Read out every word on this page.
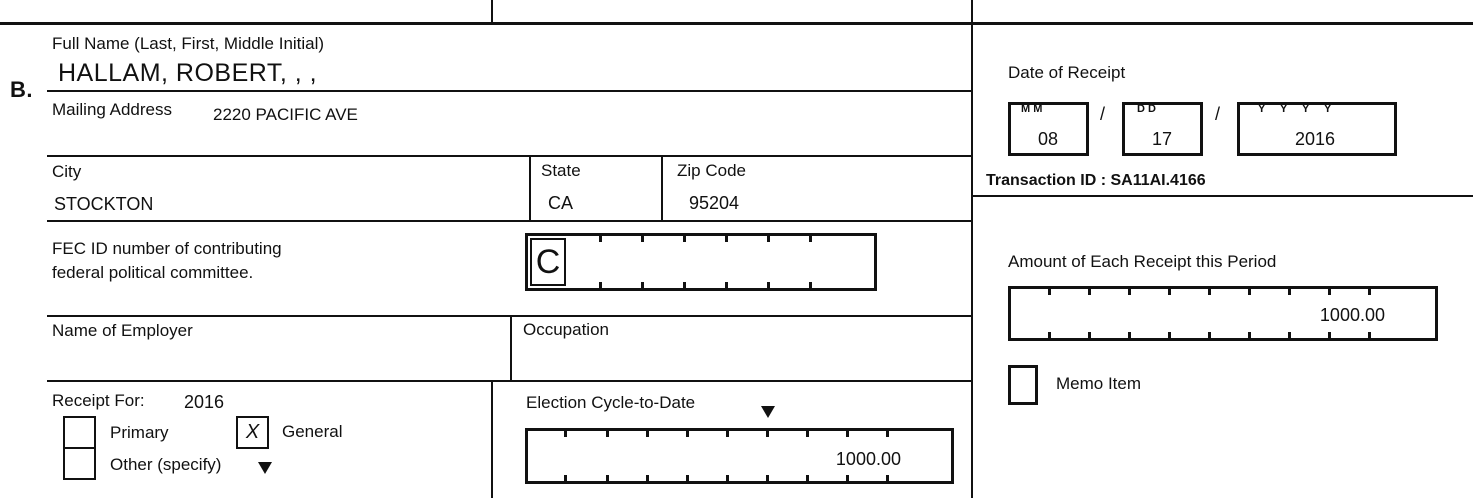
B.
Full Name (Last, First, Middle Initial)
HALLAM, ROBERT, , ,
Mailing Address 2220 PACIFIC AVE
City
STOCKTON
State
CA
Zip Code
95204
FEC ID number of contributing
federal political committee.	C
Name of Employer	Occupation
Receipt For: 2016
Primary	X	General
Other (specify)
Election Cycle-to-Date
1000.00
Date of Receipt
M M
08
/	D D
17
/	Y Y Y Y
2016
Transaction ID : SA11AI.4166
Amount of Each Receipt this Period
1000.00
Memo Item
